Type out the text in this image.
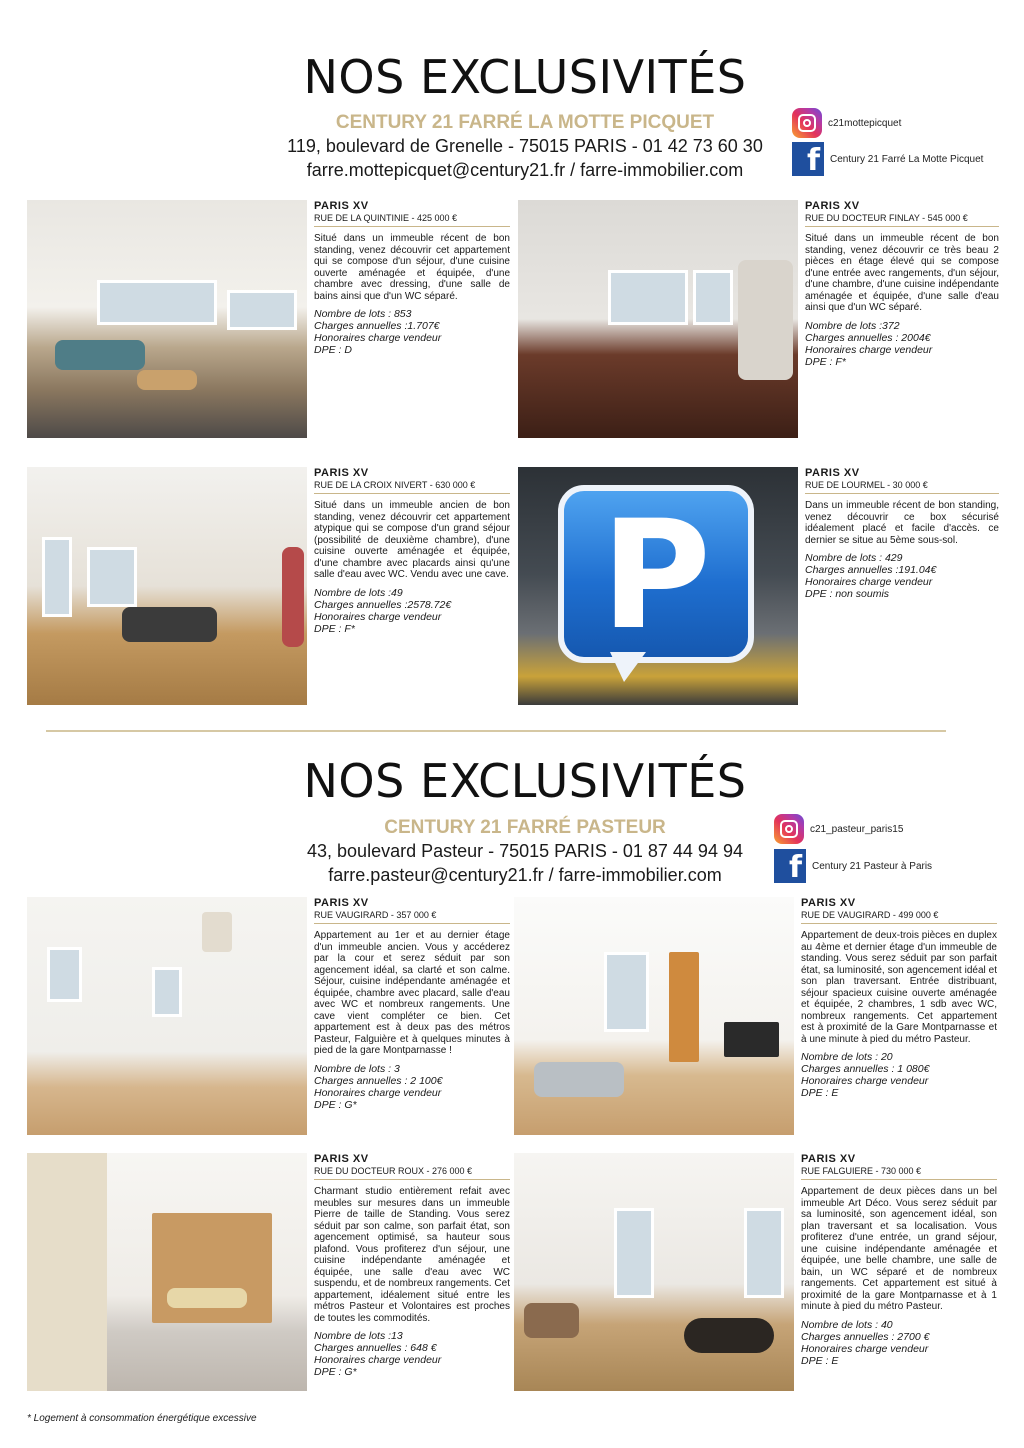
NOS EXCLUSIVITÉS
CENTURY 21 FARRÉ LA MOTTE PICQUET
119, boulevard de Grenelle - 75015 PARIS - 01 42 73 60 30
farre.mottepicquet@century21.fr / farre-immobilier.com
c21mottepicquet
f	Century 21 Farré La Motte Picquet
PARIS XV
RUE DE LA QUINTINIE - 425 000 €
Situé dans un immeuble récent de bon standing, venez découvrir cet appartement qui se compose d'un séjour, d'une cuisine ouverte aménagée et équipée, d'une chambre avec dressing, d'une salle de bains ainsi que d'un WC séparé.
Nombre de lots : 853
Charges annuelles :1.707€
Honoraires charge vendeur
DPE : D
PARIS XV
RUE DU DOCTEUR FINLAY - 545 000 €
Situé dans un immeuble récent de bon standing, venez découvrir ce très beau 2 pièces en étage élevé qui se compose d'une entrée avec rangements, d'un séjour, d'une chambre, d'une cuisine indépendante aménagée et équipée, d'une salle d'eau ainsi que d'un WC séparé.
Nombre de lots :372
Charges annuelles : 2004€
Honoraires charge vendeur
DPE : F*
PARIS XV
RUE DE LA CROIX NIVERT - 630 000 €
Situé dans un immeuble ancien de bon standing, venez découvrir cet appartement atypique qui se compose d'un grand séjour (possibilité de deuxième chambre), d'une cuisine ouverte aménagée et équipée, d'une chambre avec placards ainsi qu'une salle d'eau avec WC. Vendu avec une cave.
Nombre de lots :49
Charges annuelles :2578.72€
Honoraires charge vendeur
DPE : F*	P
PARIS XV
RUE DE LOURMEL - 30 000 €
Dans un immeuble récent de bon standing, venez découvrir ce box sécurisé idéalement placé et facile d'accès. ce dernier se situe au 5ème sous-sol.
Nombre de lots : 429
Charges annuelles :191.04€
Honoraires charge vendeur
DPE : non soumis
NOS EXCLUSIVITÉS
CENTURY 21 FARRÉ PASTEUR
43, boulevard Pasteur - 75015 PARIS - 01 87 44 94 94
farre.pasteur@century21.fr / farre-immobilier.com
c21_pasteur_paris15
f	Century 21 Pasteur à Paris
PARIS XV
RUE VAUGIRARD - 357 000 €
Appartement au 1er et au dernier étage d'un immeuble ancien. Vous y accéderez par la cour et serez séduit par son agencement idéal, sa clarté et son calme. Séjour, cuisine indépendante aménagée et équipée, chambre avec placard, salle d'eau avec WC et nombreux rangements. Une cave vient compléter ce bien. Cet appartement est à deux pas des métros Pasteur, Falguière et à quelques minutes à pied de la gare Montparnasse !
Nombre de lots : 3
Charges annuelles : 2 100€
Honoraires charge vendeur
DPE : G*
PARIS XV
RUE DE VAUGIRARD - 499 000 €
Appartement de deux-trois pièces en duplex au 4ème et dernier étage d'un immeuble de standing. Vous serez séduit par son parfait état, sa luminosité, son agencement idéal et son plan traversant. Entrée distribuant, séjour spacieux cuisine ouverte aménagée et équipée, 2 chambres, 1 sdb avec WC, nombreux rangements. Cet appartement est à proximité de la Gare Montparnasse et à une minute à pied du métro Pasteur.
Nombre de lots : 20
Charges annuelles : 1 080€
Honoraires charge vendeur
DPE : E
PARIS XV
RUE DU DOCTEUR ROUX - 276 000 €
Charmant studio entièrement refait avec meubles sur mesures dans un immeuble Pierre de taille de Standing. Vous serez séduit par son calme, son parfait état, son agencement optimisé, sa hauteur sous plafond. Vous profiterez d'un séjour, une cuisine indépendante aménagée et équipée, une salle d'eau avec WC suspendu, et de nombreux rangements. Cet appartement, idéalement situé entre les métros Pasteur et Volontaires est proches de toutes les commodités.
Nombre de lots :13
Charges annuelles : 648 €
Honoraires charge vendeur
DPE : G*
PARIS XV
RUE FALGUIERE - 730 000 €
Appartement de deux pièces dans un bel immeuble Art Déco. Vous serez séduit par sa luminosité, son agencement idéal, son plan traversant et sa localisation. Vous profiterez d'une entrée, un grand séjour, une cuisine indépendante aménagée et équipée, une belle chambre, une salle de bain, un WC séparé et de nombreux rangements. Cet appartement est situé à proximité de la gare Montparnasse et à 1 minute à pied du métro Pasteur.
Nombre de lots : 40
Charges annuelles : 2700 €
Honoraires charge vendeur
DPE : E
* Logement à consommation énergétique excessive
